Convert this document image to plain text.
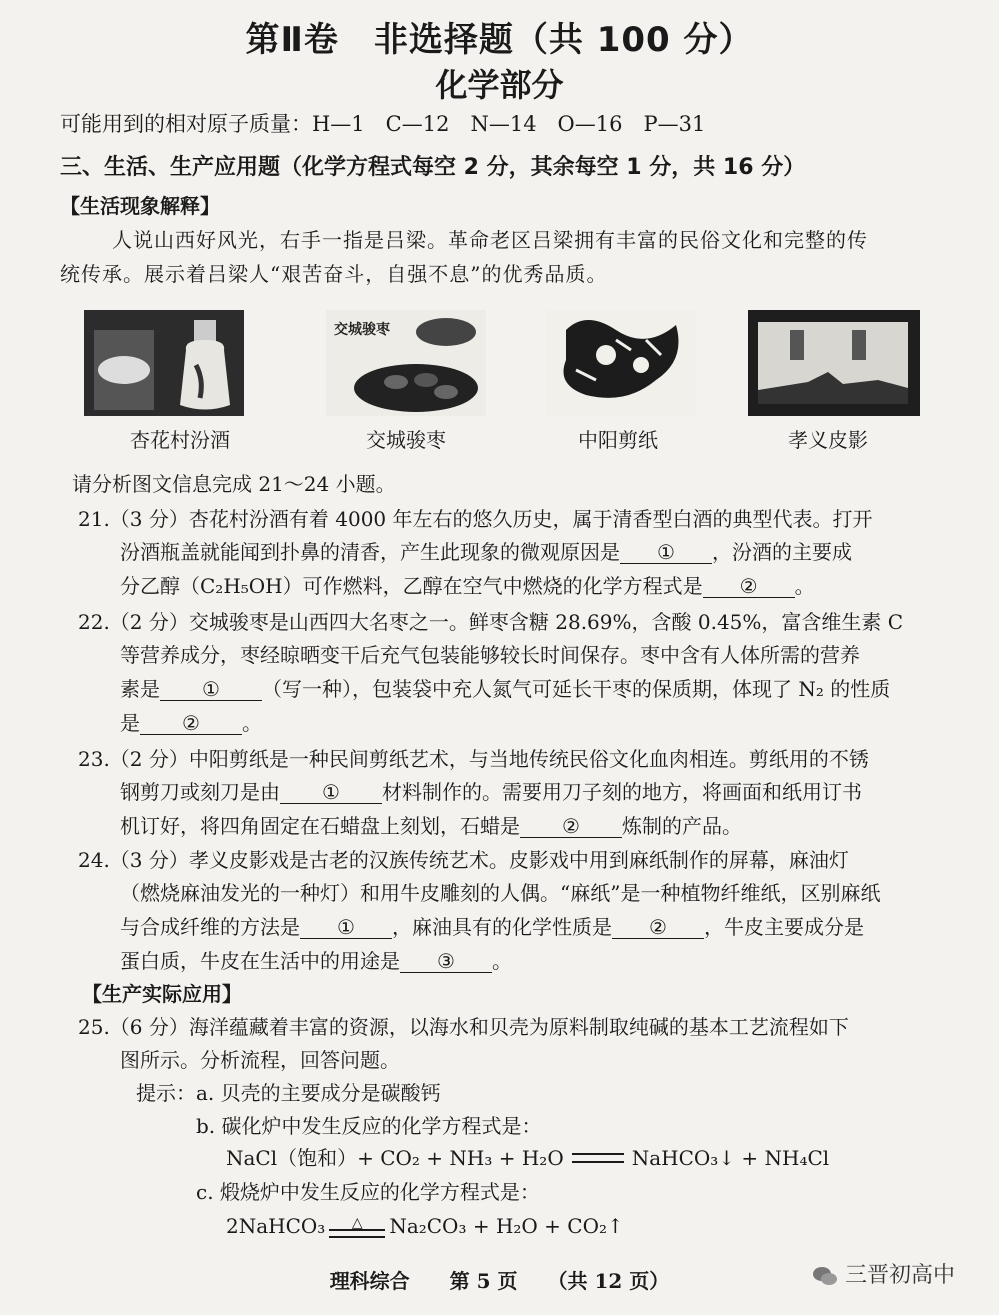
第Ⅱ卷　非选择题（共 100 分）
化学部分
可能用到的相对原子质量：H—1　C—12　N—14　O—16　P—31
三、生活、生产应用题（化学方程式每空 2 分，其余每空 1 分，共 16 分）
【生活现象解释】
人说山西好风光，右手一指是吕梁。革命老区吕梁拥有丰富的民俗文化和完整的传
统传承。展示着吕梁人“艰苦奋斗，自强不息”的优秀品质。
交城骏枣
杏花村汾酒	交城骏枣	中阳剪纸	孝义皮影
请分析图文信息完成 21～24 小题。
21.（3 分）杏花村汾酒有着 4000 年左右的悠久历史，属于清香型白酒的典型代表。打开
汾酒瓶盖就能闻到扑鼻的清香，产生此现象的微观原因是 ① ，汾酒的主要成
分乙醇（C₂H₅OH）可作燃料，乙醇在空气中燃烧的化学方程式是 ② 。
22.（2 分）交城骏枣是山西四大名枣之一。鲜枣含糖 28.69%，含酸 0.45%，富含维生素 C
等营养成分，枣经晾晒变干后充气包装能够较长时间保存。枣中含有人体所需的营养
素是 ① （写一种），包装袋中充人氮气可延长干枣的保质期，体现了 N₂ 的性质
是 ② 。
23.（2 分）中阳剪纸是一种民间剪纸艺术，与当地传统民俗文化血肉相连。剪纸用的不锈
钢剪刀或刻刀是由 ① 材料制作的。需要用刀子刻的地方，将画面和纸用订书
机订好，将四角固定在石蜡盘上刻划，石蜡是 ② 炼制的产品。
24.（3 分）孝义皮影戏是古老的汉族传统艺术。皮影戏中用到麻纸制作的屏幕，麻油灯
（燃烧麻油发光的一种灯）和用牛皮雕刻的人偶。“麻纸”是一种植物纤维纸，区别麻纸
与合成纤维的方法是 ① ，麻油具有的化学性质是 ② ，牛皮主要成分是
蛋白质，牛皮在生活中的用途是 ③ 。
【生产实际应用】
25.（6 分）海洋蕴藏着丰富的资源，以海水和贝壳为原料制取纯碱的基本工艺流程如下
图所示。分析流程，回答问题。
提示：a. 贝壳的主要成分是碳酸钙
b. 碳化炉中发生反应的化学方程式是：
NaCl（饱和）+ CO₂ + NH₃ + H₂O	NaHCO₃↓ + NH₄Cl
c. 煅烧炉中发生反应的化学方程式是：
2NaHCO₃	△	Na₂CO₃ + H₂O + CO₂↑
理科综合　　第 5 页　　（共 12 页）	三晋初高中
